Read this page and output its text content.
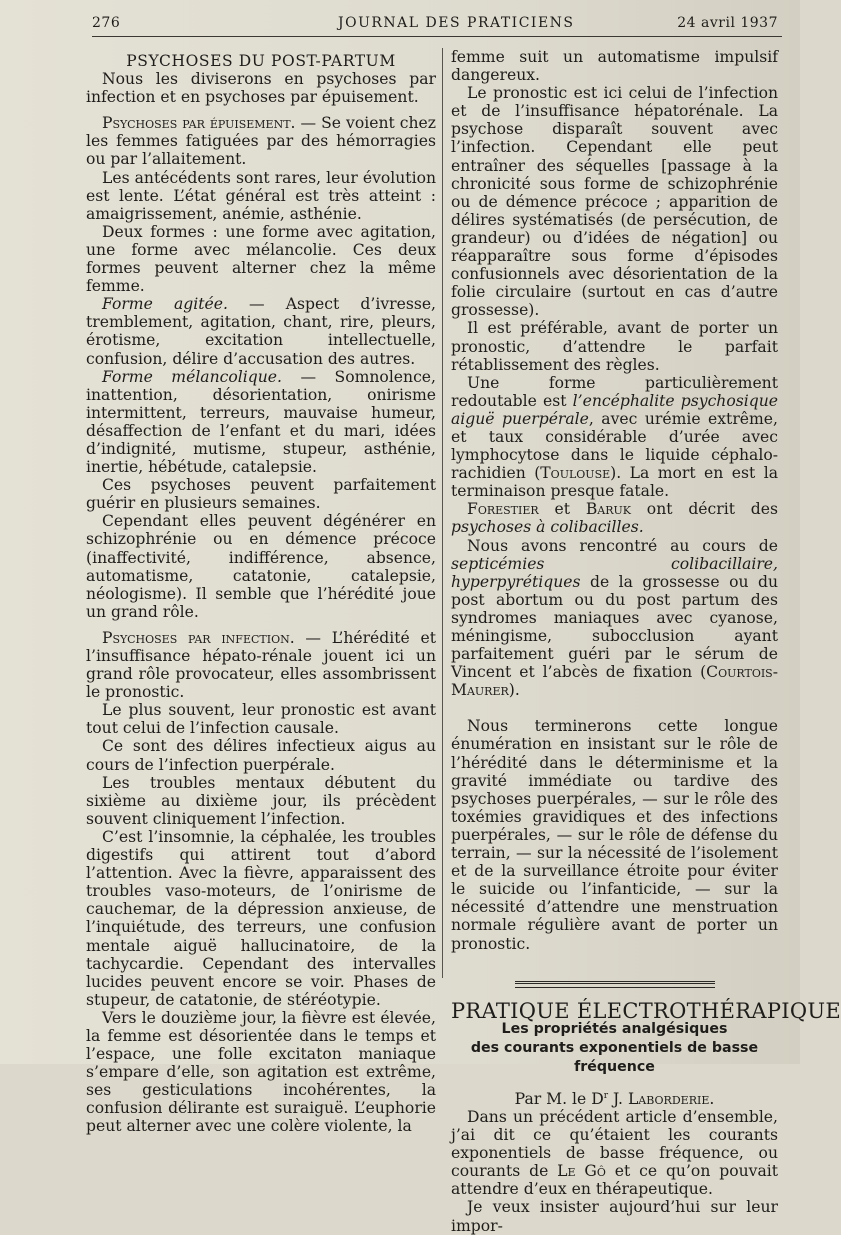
276	JOURNAL DES PRATICIENS	24 avril 1937

PSYCHOSES DU POST-PARTUM

Nous les diviserons en psychoses par infection et en psychoses par épuisement.

Psychoses par épuisement. — Se voient chez les femmes fatiguées par des hémorragies ou par l’allaitement.

Les antécédents sont rares, leur évolution est lente. L’état général est très atteint : amaigrissement, anémie, asthénie.

Deux formes : une forme avec agitation, une forme avec mélancolie. Ces deux formes peuvent alterner chez la même femme.

Forme agitée. — Aspect d’ivresse, tremblement, agitation, chant, rire, pleurs, érotisme, excitation intellectuelle, confusion, délire d’accusation des autres.

Forme mélancolique. — Somnolence, inattention, désorientation, onirisme intermittent, terreurs, mauvaise humeur, désaffection de l’enfant et du mari, idées d’indignité, mutisme, stupeur, asthénie, inertie, hébétude, catalepsie.

Ces psychoses peuvent parfaitement guérir en plusieurs semaines.

Cependant elles peuvent dégénérer en schizophrénie ou en démence précoce (inaffectivité, indifférence, absence, automatisme, catatonie, catalepsie, néologisme). Il semble que l’hérédité joue un grand rôle.

Psychoses par infection. — L’hérédité et l’insuffisance hépato-rénale jouent ici un grand rôle provocateur, elles assombrissent le pronostic.

Le plus souvent, leur pronostic est avant tout celui de l’infection causale.

Ce sont des délires infectieux aigus au cours de l’infection puerpérale.

Les troubles mentaux débutent du sixième au dixième jour, ils précèdent souvent cliniquement l’infection.

C’est l’insomnie, la céphalée, les troubles digestifs qui attirent tout d’abord l’attention. Avec la fièvre, apparaissent des troubles vaso-moteurs, de l’onirisme de cauchemar, de la dépression anxieuse, de l’inquiétude, des terreurs, une confusion mentale aiguë hallucinatoire, de la tachycardie. Cependant des intervalles lucides peuvent encore se voir. Phases de stupeur, de catatonie, de stéréotypie.

Vers le douzième jour, la fièvre est élevée, la femme est désorientée dans le temps et l’espace, une folle excitaton maniaque s’empare d’elle, son agitation est extrême, ses gesticulations incohérentes, la confusion délirante est suraiguë. L’euphorie peut alterner avec une colère violente, la

femme suit un automatisme impulsif dangereux.

Le pronostic est ici celui de l’infection et de l’insuffisance hépatorénale. La psychose disparaît souvent avec l’infection. Cependant elle peut entraîner des séquelles [passage à la chronicité sous forme de schizophrénie ou de démence précoce ; apparition de délires systématisés (de persécution, de grandeur) ou d’idées de négation] ou réapparaître sous forme d’épisodes confusionnels avec désorientation de la folie circulaire (surtout en cas d’autre grossesse).

Il est préférable, avant de porter un pronostic, d’attendre le parfait rétablissement des règles.

Une forme particulièrement redoutable est l’encéphalite psychosique aiguë puerpérale, avec urémie extrême, et taux considérable d’urée avec lymphocytose dans le liquide céphalo-rachidien (Toulouse). La mort en est la terminaison presque fatale.

Forestier et Baruk ont décrit des psychoses à colibacilles.

Nous avons rencontré au cours de septicémies colibacillaire, hyperpyrétiques de la grossesse ou du post abortum ou du post partum des syndromes maniaques avec cyanose, méningisme, subocclusion ayant parfaitement guéri par le sérum de Vincent et l’abcès de fixation (Courtois-Maurer).

Nous terminerons cette longue énumération en insistant sur le rôle de l’hérédité dans le déterminisme et la gravité immédiate ou tardive des psychoses puerpérales, — sur le rôle des toxémies gravidiques et des infections puerpérales, — sur le rôle de défense du terrain, — sur la nécessité de l’isolement et de la surveillance étroite pour éviter le suicide ou l’infanticide, — sur la nécessité d’attendre une menstruation normale régulière avant de porter un pronostic.

PRATIQUE ÉLECTROTHÉRAPIQUE

Les propriétés analgésiques
des courants exponentiels de basse fréquence

Par M. le $D^r$ J. Laborderie.

Dans un précédent article d’ensemble, j’ai dit ce qu’étaient les courants exponentiels de basse fréquence, ou courants de Le Gô et ce qu’on pouvait attendre d’eux en thérapeutique.

Je veux insister aujourd’hui sur leur impor-
